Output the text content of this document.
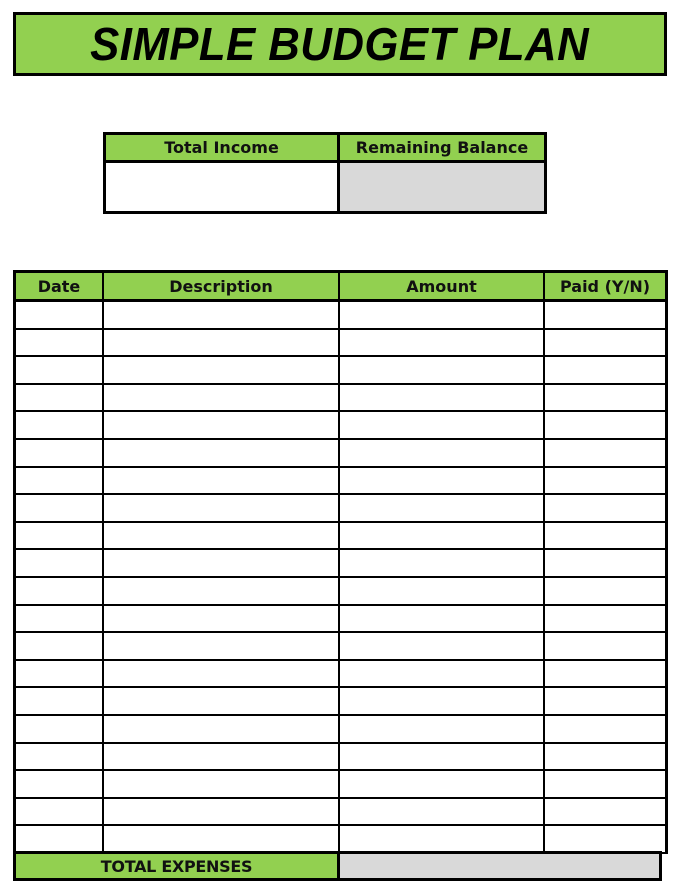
SIMPLE BUDGET PLAN
Total Income	Remaining Balance
Date	Description	Amount	Paid (Y/N)
TOTAL EXPENSES
